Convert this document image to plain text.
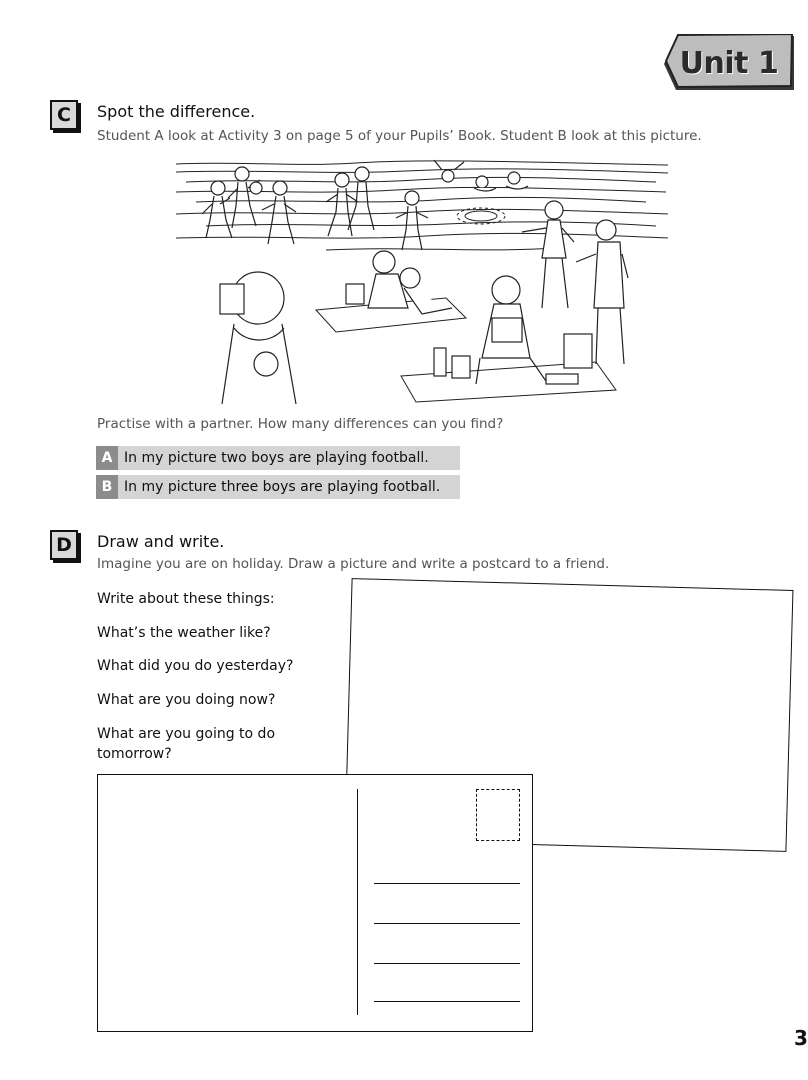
Unit 1
C	Spot the difference.
Student A look at Activity 3 on page 5 of your Pupils’ Book. Student B look at this picture.
Practise with a partner. How many differences can you find?
A In my picture two boys are playing football.
B In my picture three boys are playing football.
D	Draw and write.
Imagine you are on holiday. Draw a picture and write a postcard to a friend.
Write about these things:
What’s the weather like?
What did you do yesterday?
What are you doing now?
What are you going to do
tomorrow?
3
